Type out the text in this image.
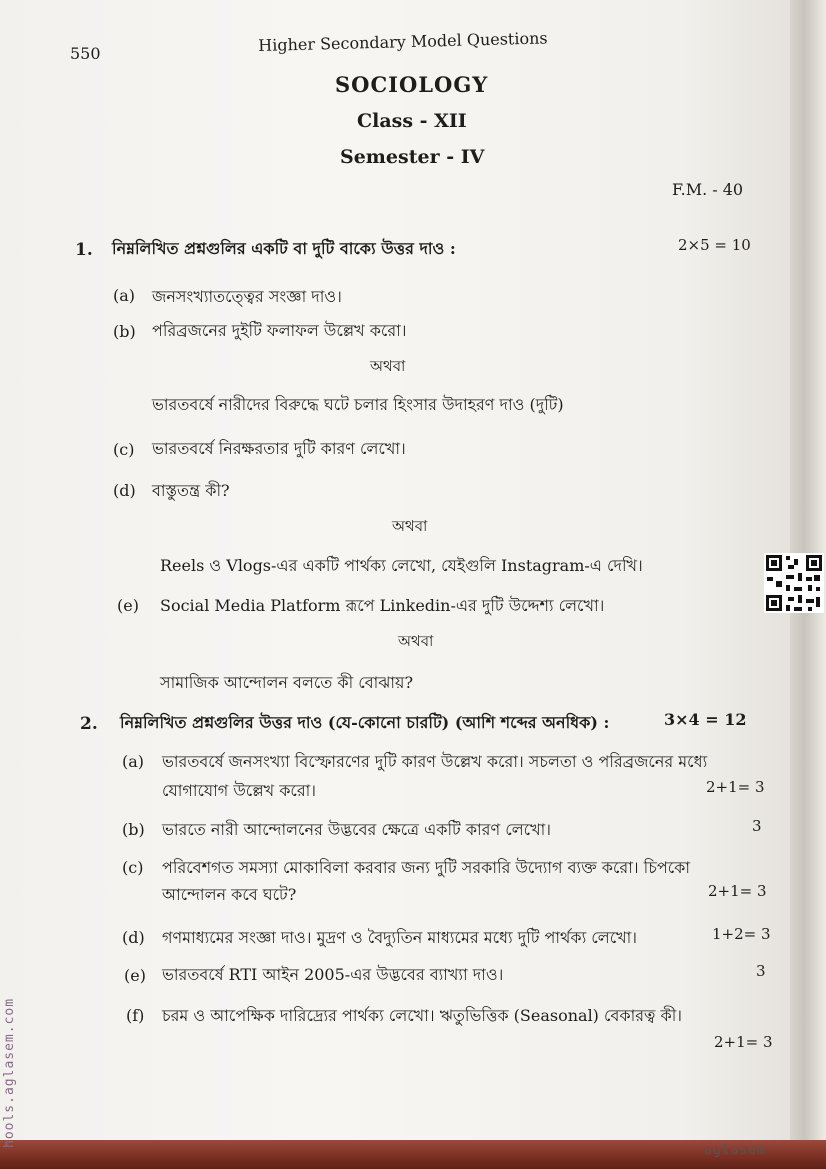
550	Higher Secondary Model Questions
SOCIOLOGY
Class - XII
Semester - IV
F.M. - 40
1. নিম্নলিখিত প্রশ্নগুলির একটি বা দুটি বাক্যে উত্তর দাও :	2×5 = 10
(a) জনসংখ্যাতত্ত্বের সংজ্ঞা দাও।
(b) পরিব্রজনের দুইটি ফলাফল উল্লেখ করো।
অথবা
ভারতবর্ষে নারীদের বিরুদ্ধে ঘটে চলার হিংসার উদাহরণ দাও (দুটি)
(c) ভারতবর্ষে নিরক্ষরতার দুটি কারণ লেখো।
(d) বাস্তুতন্ত্র কী?
অথবা
Reels ও Vlogs-এর একটি পার্থক্য লেখো, যেইগুলি Instagram-এ দেখি।
(e) Social Media Platform রূপে Linkedin-এর দুটি উদ্দেশ্য লেখো।
অথবা
সামাজিক আন্দোলন বলতে কী বোঝায়?
2. নিম্নলিখিত প্রশ্নগুলির উত্তর দাও (যে-কোনো চারটি) (আশি শব্দের অনধিক) :	3×4 = 12
(a) ভারতবর্ষে জনসংখ্যা বিস্ফোরণের দুটি কারণ উল্লেখ করো। সচলতা ও পরিব্রজনের মধ্যে
যোগাযোগ উল্লেখ করো।	2+1= 3
(b) ভারতে নারী আন্দোলনের উদ্ভবের ক্ষেত্রে একটি কারণ লেখো।	3
(c) পরিবেশগত সমস্যা মোকাবিলা করবার জন্য দুটি সরকারি উদ্যোগ ব্যক্ত করো। চিপকো
আন্দোলন কবে ঘটে?	2+1= 3
(d) গণমাধ্যমের সংজ্ঞা দাও। মুদ্রণ ও বৈদ্যুতিন মাধ্যমের মধ্যে দুটি পার্থক্য লেখো।	1+2= 3
(e) ভারতবর্ষে RTI আইন 2005-এর উদ্ভবের ব্যাখ্যা দাও।	3
(f) চরম ও আপেক্ষিক দারিদ্র্যের পার্থক্য লেখো। ঋতুভিত্তিক (Seasonal) বেকারত্ব কী।
2+1= 3
hools.aglasem.com
aglasem
